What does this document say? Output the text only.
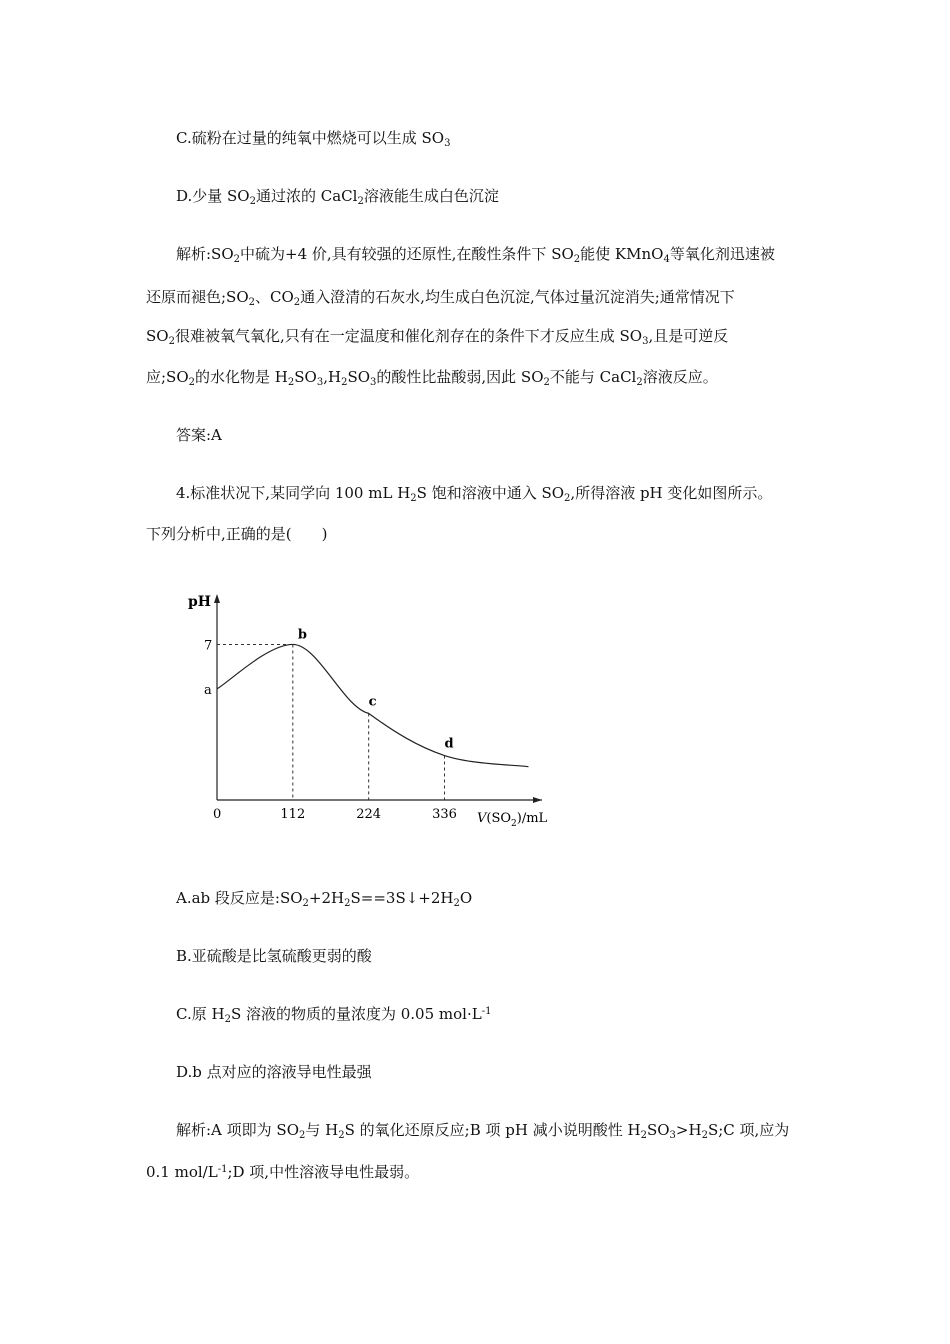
C.硫粉在过量的纯氧中燃烧可以生成 $SO_3$
D.少量 $SO_2$通过浓的 CaCl$_2$溶液能生成白色沉淀
解析$:SO_2$中硫为+4 价,具有较强的还原性,在酸性条件下 $SO_2$能使 KMnO$_4$等氧化剂迅速被
还原而褪色$;SO_2$、$CO_2$通入澄清的石灰水,均生成白色沉淀,气体过量沉淀消失;通常情况下
$SO_2$很难被氧气氧化,只有在一定温度和催化剂存在的条件下才反应生成 $SO_3$,且是可逆反
应$;SO_2$的水化物是 $H_2SO_3,H_2SO_3$的酸性比盐酸弱,因此 $SO_2$不能与 CaCl$_2$溶液反应。
答案:A
4.标准状况下,某同学向 100 mL $H_2S$ 饱和溶液中通入 $SO_2$,所得溶液 pH 变化如图所示。
下列分析中,正确的是(　　)
pH
$V(SO_2)/mL$
0	112	224	336
7
a
b
c
d
A.ab 段反应是$:SO_2+2H_2S==3S↓+2H_2O$
B.亚硫酸是比氢硫酸更弱的酸
C.原 $H_2S$ 溶液的物质的量浓度为 0.05 $mol\cdot L^{-1}$
D.b 点对应的溶液导电性最强
解析:A 项即为 $SO_2$与 $H_2S$ 的氧化还原反应;B 项 pH 减小说明酸性 $H_2SO_3>H_2S;C$ 项,应为
0.1 mol/$L^{-1};D$ 项,中性溶液导电性最弱。
